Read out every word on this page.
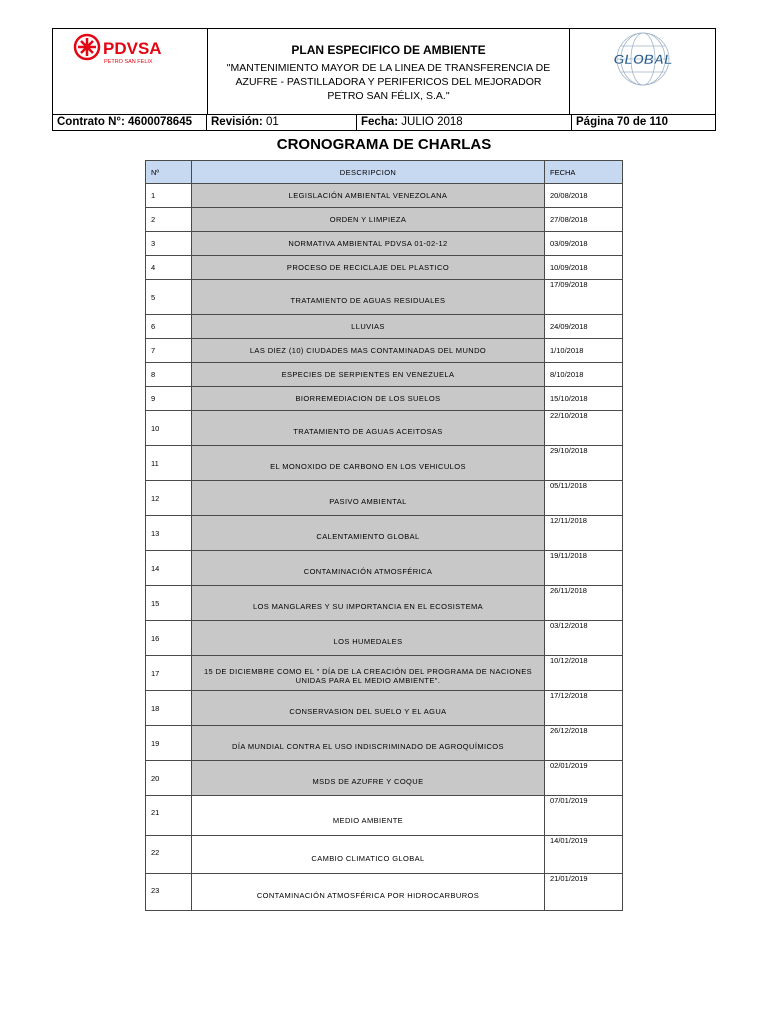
PDVSA
PETRO SAN FELIX
PLAN ESPECIFICO DE AMBIENTE
"MANTENIMIENTO MAYOR DE LA LINEA DE TRANSFERENCIA DE AZUFRE - PASTILLADORA Y PERIFERICOS DEL MEJORADOR PETRO SAN FÉLIX, S.A."
GLOBAL
Contrato N°: 4600078645	Revisión: 01	Fecha: JULIO 2018	Página 70 de 110
CRONOGRAMA DE CHARLAS
Nº	DESCRIPCION	FECHA
1	LEGISLACIÓN AMBIENTAL VENEZOLANA	20/08/2018
2	ORDEN Y LIMPIEZA	27/08/2018
3	NORMATIVA AMBIENTAL PDVSA 01-02-12	03/09/2018
4	PROCESO DE RECICLAJE DEL PLASTICO	10/09/2018
5	TRATAMIENTO DE AGUAS RESIDUALES	17/09/2018
6	LLUVIAS	24/09/2018
7	LAS DIEZ (10) CIUDADES MAS CONTAMINADAS DEL MUNDO	1/10/2018
8	ESPECIES DE SERPIENTES EN VENEZUELA	8/10/2018
9	BIORREMEDIACION DE LOS SUELOS	15/10/2018
10	TRATAMIENTO DE AGUAS ACEITOSAS	22/10/2018
11	EL MONOXIDO DE CARBONO EN LOS VEHICULOS	29/10/2018
12	PASIVO AMBIENTAL	05/11/2018
13	CALENTAMIENTO GLOBAL	12/11/2018
14	CONTAMINACIÓN ATMOSFÉRICA	19/11/2018
15	LOS MANGLARES Y SU IMPORTANCIA EN EL ECOSISTEMA	26/11/2018
16	LOS HUMEDALES	03/12/2018
17	15 DE DICIEMBRE COMO EL " DÍA DE LA CREACIÓN DEL PROGRAMA DE NACIONES UNIDAS PARA EL MEDIO AMBIENTE".	10/12/2018
18	CONSERVASION DEL SUELO Y EL AGUA	17/12/2018
19	DÍA MUNDIAL CONTRA EL USO INDISCRIMINADO DE AGROQUÍMICOS	26/12/2018
20	MSDS DE AZUFRE Y COQUE	02/01/2019
21	MEDIO AMBIENTE	07/01/2019
22	CAMBIO CLIMATICO GLOBAL	14/01/2019
23	CONTAMINACIÓN ATMOSFÉRICA POR HIDROCARBUROS	21/01/2019
